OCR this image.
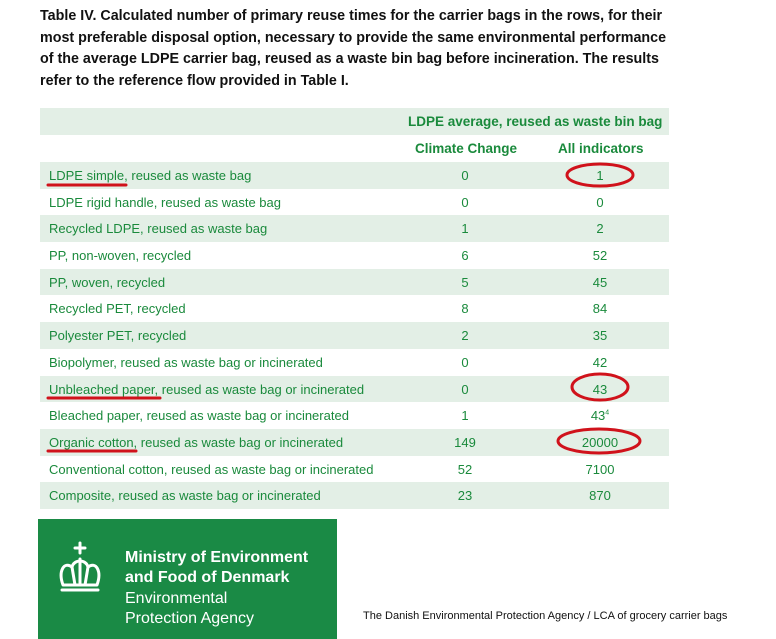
Table IV. Calculated number of primary reuse times for the carrier bags in the rows, for their most preferable disposal option, necessary to provide the same environmental performance of the average LDPE carrier bag, reused as a waste bin bag before incineration. The results refer to the reference flow provided in Table I.

LDPE average, reused as waste bin bag
Climate Change	All indicators
LDPE simple, reused as waste bag	0	1
LDPE rigid handle, reused as waste bag	0	0
Recycled LDPE, reused as waste bag	1	2
PP, non-woven, recycled	6	52
PP, woven, recycled	5	45
Recycled PET, recycled	8	84
Polyester PET, recycled	2	35
Biopolymer, reused as waste bag or incinerated	0	42
Unbleached paper, reused as waste bag or incinerated	0	43
Bleached paper, reused as waste bag or incinerated	1	$43^4$
Organic cotton, reused as waste bag or incinerated	149	20000
Conventional cotton, reused as waste bag or incinerated	52	7100
Composite, reused as waste bag or incinerated	23	870
Ministry of Environment
and Food of Denmark
Environmental
Protection Agency	The Danish Environmental Protection Agency / LCA of grocery carrier bags
